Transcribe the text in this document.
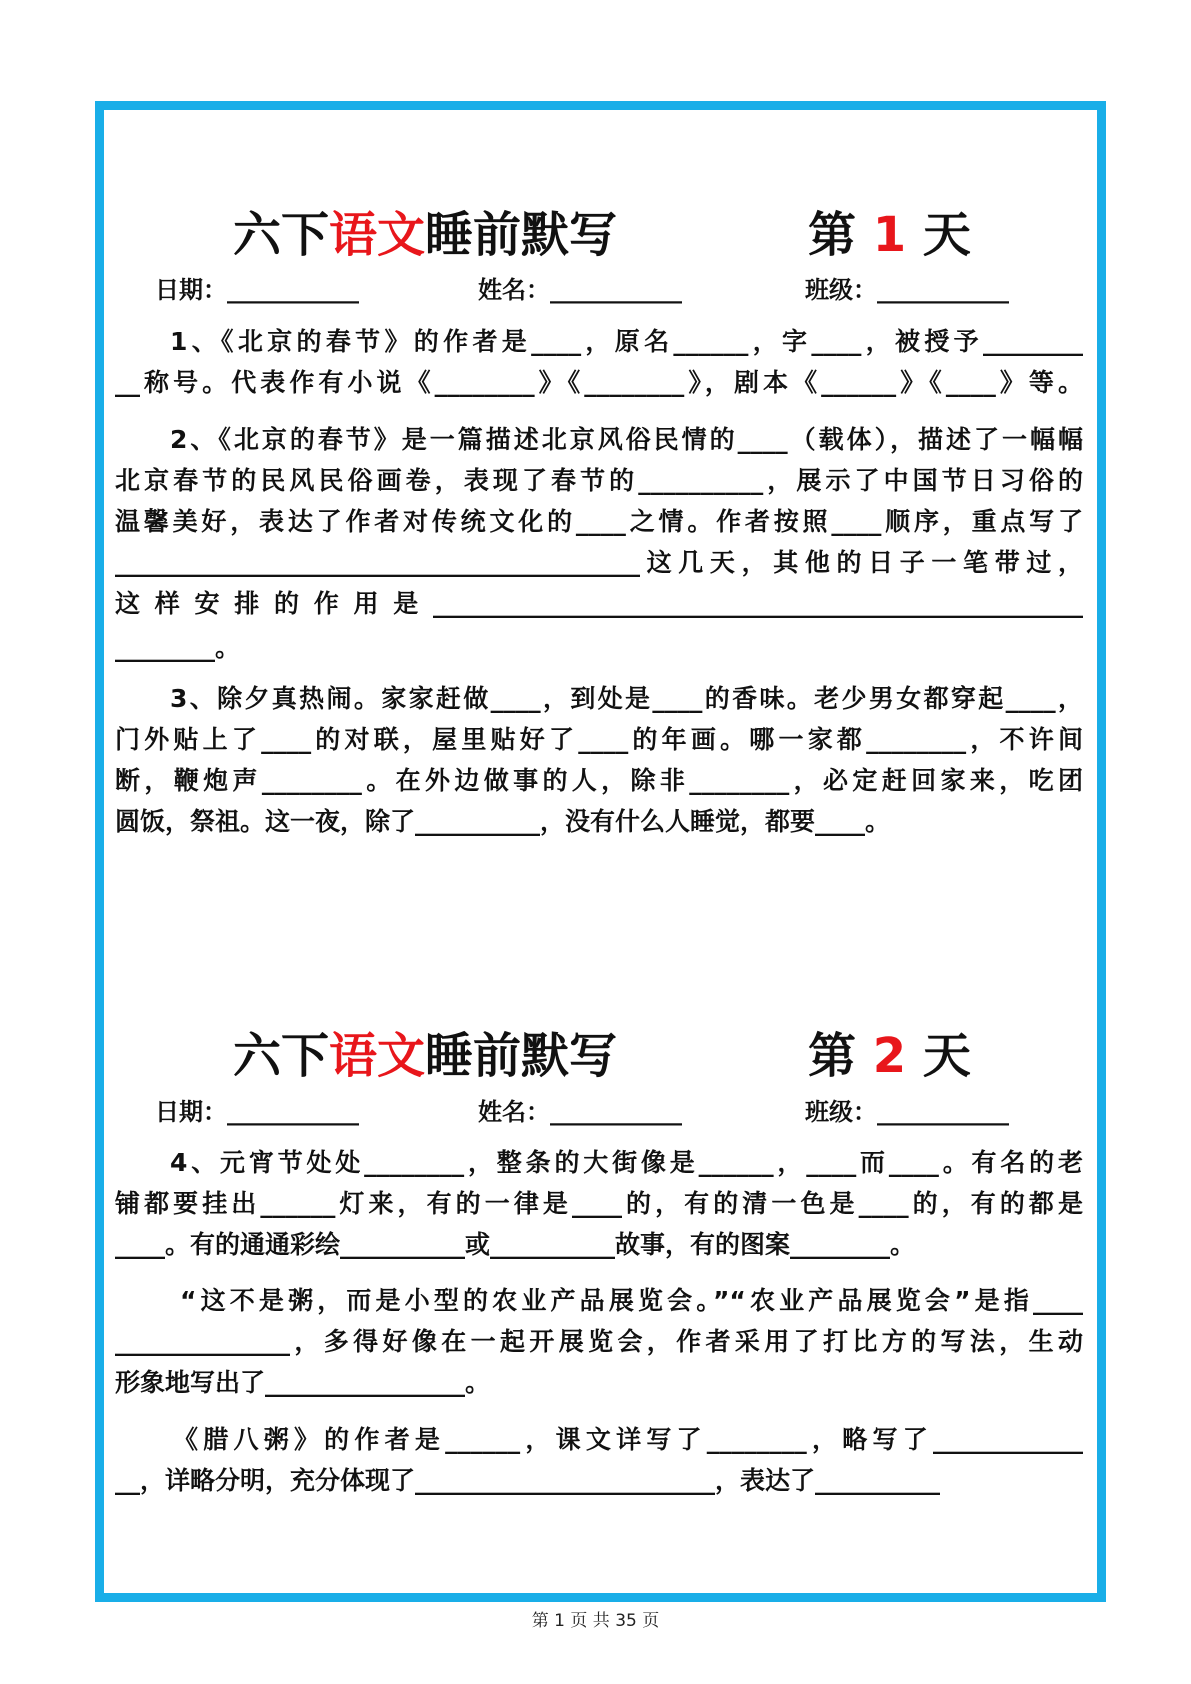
六下语文睡前默写	第 1 天
日期：___________	姓名：___________	班级：___________
1、《北京的春节》的作者是____，原名______，字____，被授予________
__称号。代表作有小说《________》《________》，剧本《______》《____》等。
2、《北京的春节》是一篇描述北京风俗民情的____（载体），描述了一幅幅
北京春节的民风民俗画卷，表现了春节的__________，展示了中国节日习俗的
温馨美好，表达了作者对传统文化的____之情。作者按照____顺序，重点写了
__________________________________________这几天，其他的日子一笔带过，
这样安排的作用是____________________________________________________
________。
3、除夕真热闹。家家赶做____，到处是____的香味。老少男女都穿起____，
门外贴上了____的对联，屋里贴好了____的年画。哪一家都________，不许间
断，鞭炮声________。在外边做事的人，除非________，必定赶回家来，吃团
圆饭，祭祖。这一夜，除了__________，没有什么人睡觉，都要____。
六下语文睡前默写	第 2 天
日期：___________	姓名：___________	班级：___________
4、元宵节处处________，整条的大街像是______，____而____。有名的老
铺都要挂出______灯来，有的一律是____的，有的清一色是____的，有的都是
____。有的通通彩绘__________或__________故事，有的图案________。
“这不是粥，而是小型的农业产品展览会。”“农业产品展览会”是指____
______________，多得好像在一起开展览会，作者采用了打比方的写法，生动
形象地写出了________________。
《腊八粥》的作者是______，课文详写了________，略写了____________
__，详略分明，充分体现了________________________，表达了__________
第 1 页 共 35 页
